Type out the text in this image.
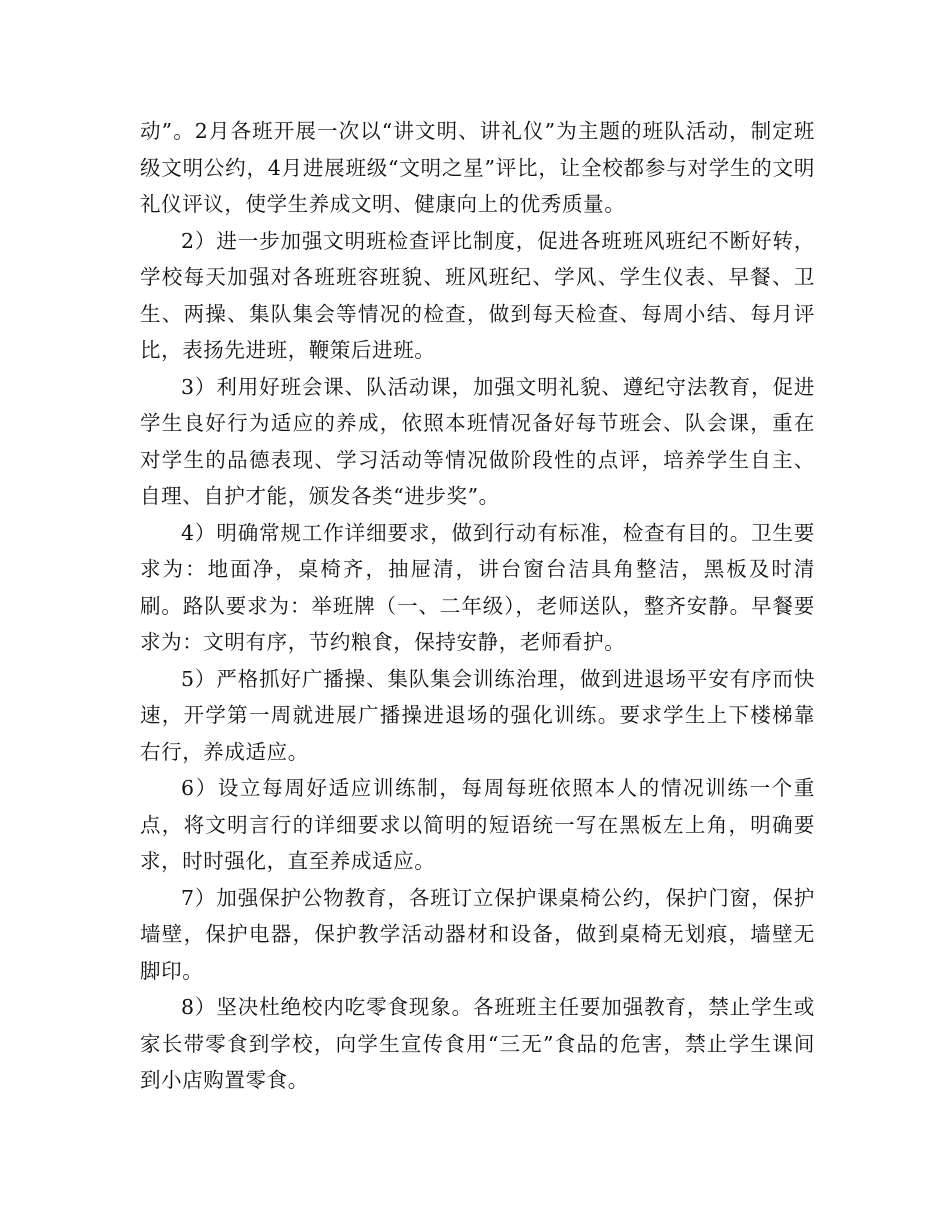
动”。2月各班开展一次以“讲文明、讲礼仪”为主题的班队活动，制定班级文明公约，4月进展班级“文明之星”评比，让全校都参与对学生的文明礼仪评议，使学生养成文明、健康向上的优秀质量。

2）进一步加强文明班检查评比制度，促进各班班风班纪不断好转，学校每天加强对各班班容班貌、班风班纪、学风、学生仪表、早餐、卫生、两操、集队集会等情况的检查，做到每天检查、每周小结、每月评比，表扬先进班，鞭策后进班。

3）利用好班会课、队活动课，加强文明礼貌、遵纪守法教育，促进学生良好行为适应的养成，依照本班情况备好每节班会、队会课，重在对学生的品德表现、学习活动等情况做阶段性的点评，培养学生自主、自理、自护才能，颁发各类“进步奖”。

4）明确常规工作详细要求，做到行动有标准，检查有目的。卫生要求为：地面净，桌椅齐，抽屉清，讲台窗台洁具角整洁，黑板及时清刷。路队要求为：举班牌（一、二年级），老师送队，整齐安静。早餐要求为：文明有序，节约粮食，保持安静，老师看护。

5）严格抓好广播操、集队集会训练治理，做到进退场平安有序而快速，开学第一周就进展广播操进退场的强化训练。要求学生上下楼梯靠右行，养成适应。

6）设立每周好适应训练制，每周每班依照本人的情况训练一个重点，将文明言行的详细要求以简明的短语统一写在黑板左上角，明确要求，时时强化，直至养成适应。

7）加强保护公物教育，各班订立保护课桌椅公约，保护门窗，保护墙壁，保护电器，保护教学活动器材和设备，做到桌椅无划痕，墙壁无脚印。

8）坚决杜绝校内吃零食现象。各班班主任要加强教育，禁止学生或家长带零食到学校，向学生宣传食用“三无”食品的危害，禁止学生课间到小店购置零食。
